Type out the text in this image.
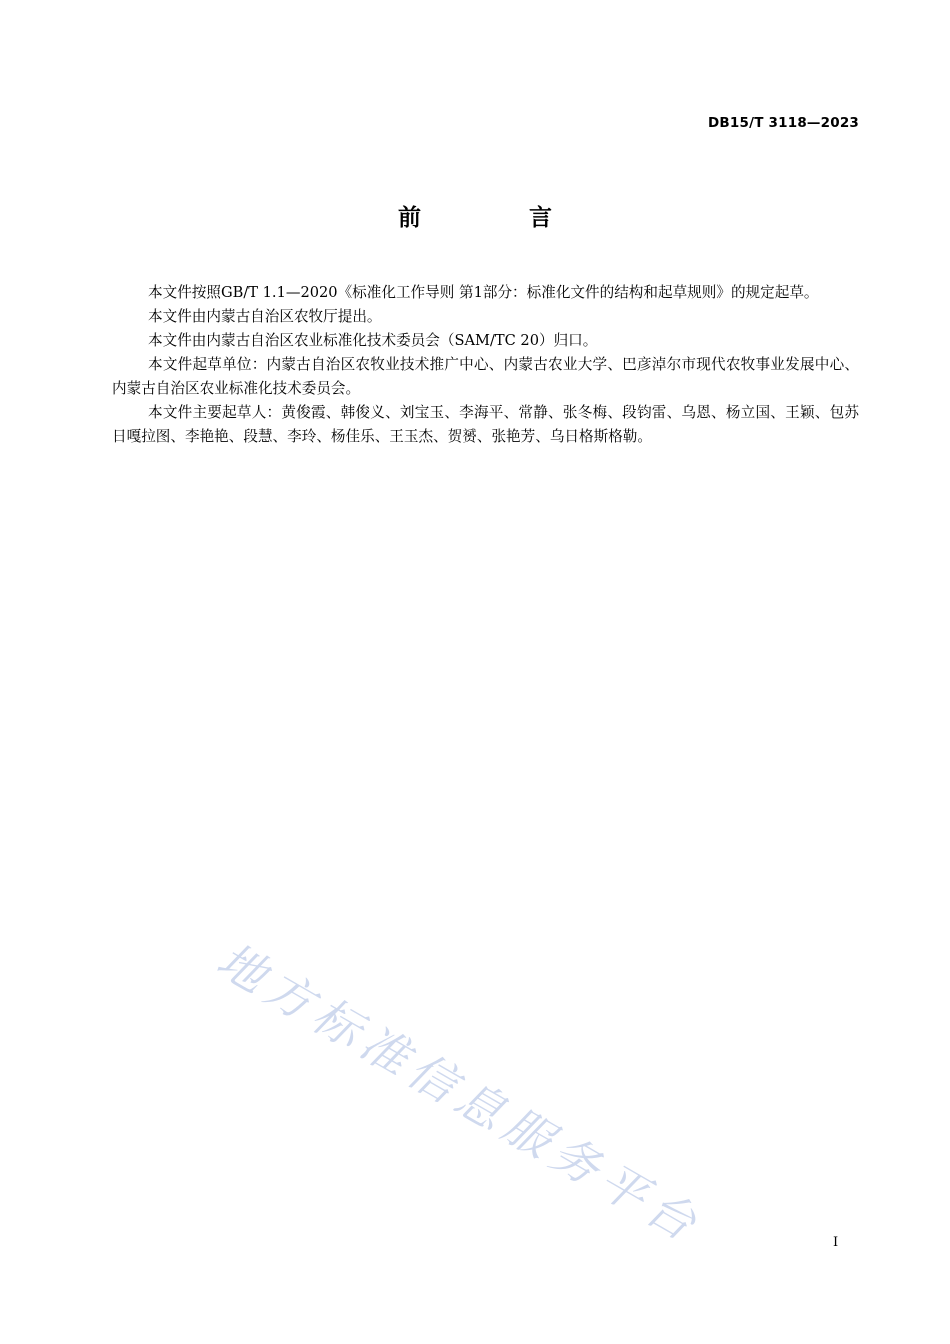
DB15/T 3118—2023
前 言

本文件按照GB/T 1.1—2020《标准化工作导则 第1部分：标准化文件的结构和起草规则》的规定起草。

本文件由内蒙古自治区农牧厅提出。

本文件由内蒙古自治区农业标准化技术委员会（SAM/TC 20）归口。

本文件起草单位：内蒙古自治区农牧业技术推广中心、内蒙古农业大学、巴彦淖尔市现代农牧事业发展中心、内蒙古自治区农业标准化技术委员会。

本文件主要起草人：黄俊霞、韩俊义、刘宝玉、李海平、常静、张冬梅、段钧雷、乌恩、杨立国、王颖、包苏日嘎拉图、李艳艳、段慧、李玲、杨佳乐、王玉杰、贺赟、张艳芳、乌日格斯格勒。

地方标准信息服务平台	I
